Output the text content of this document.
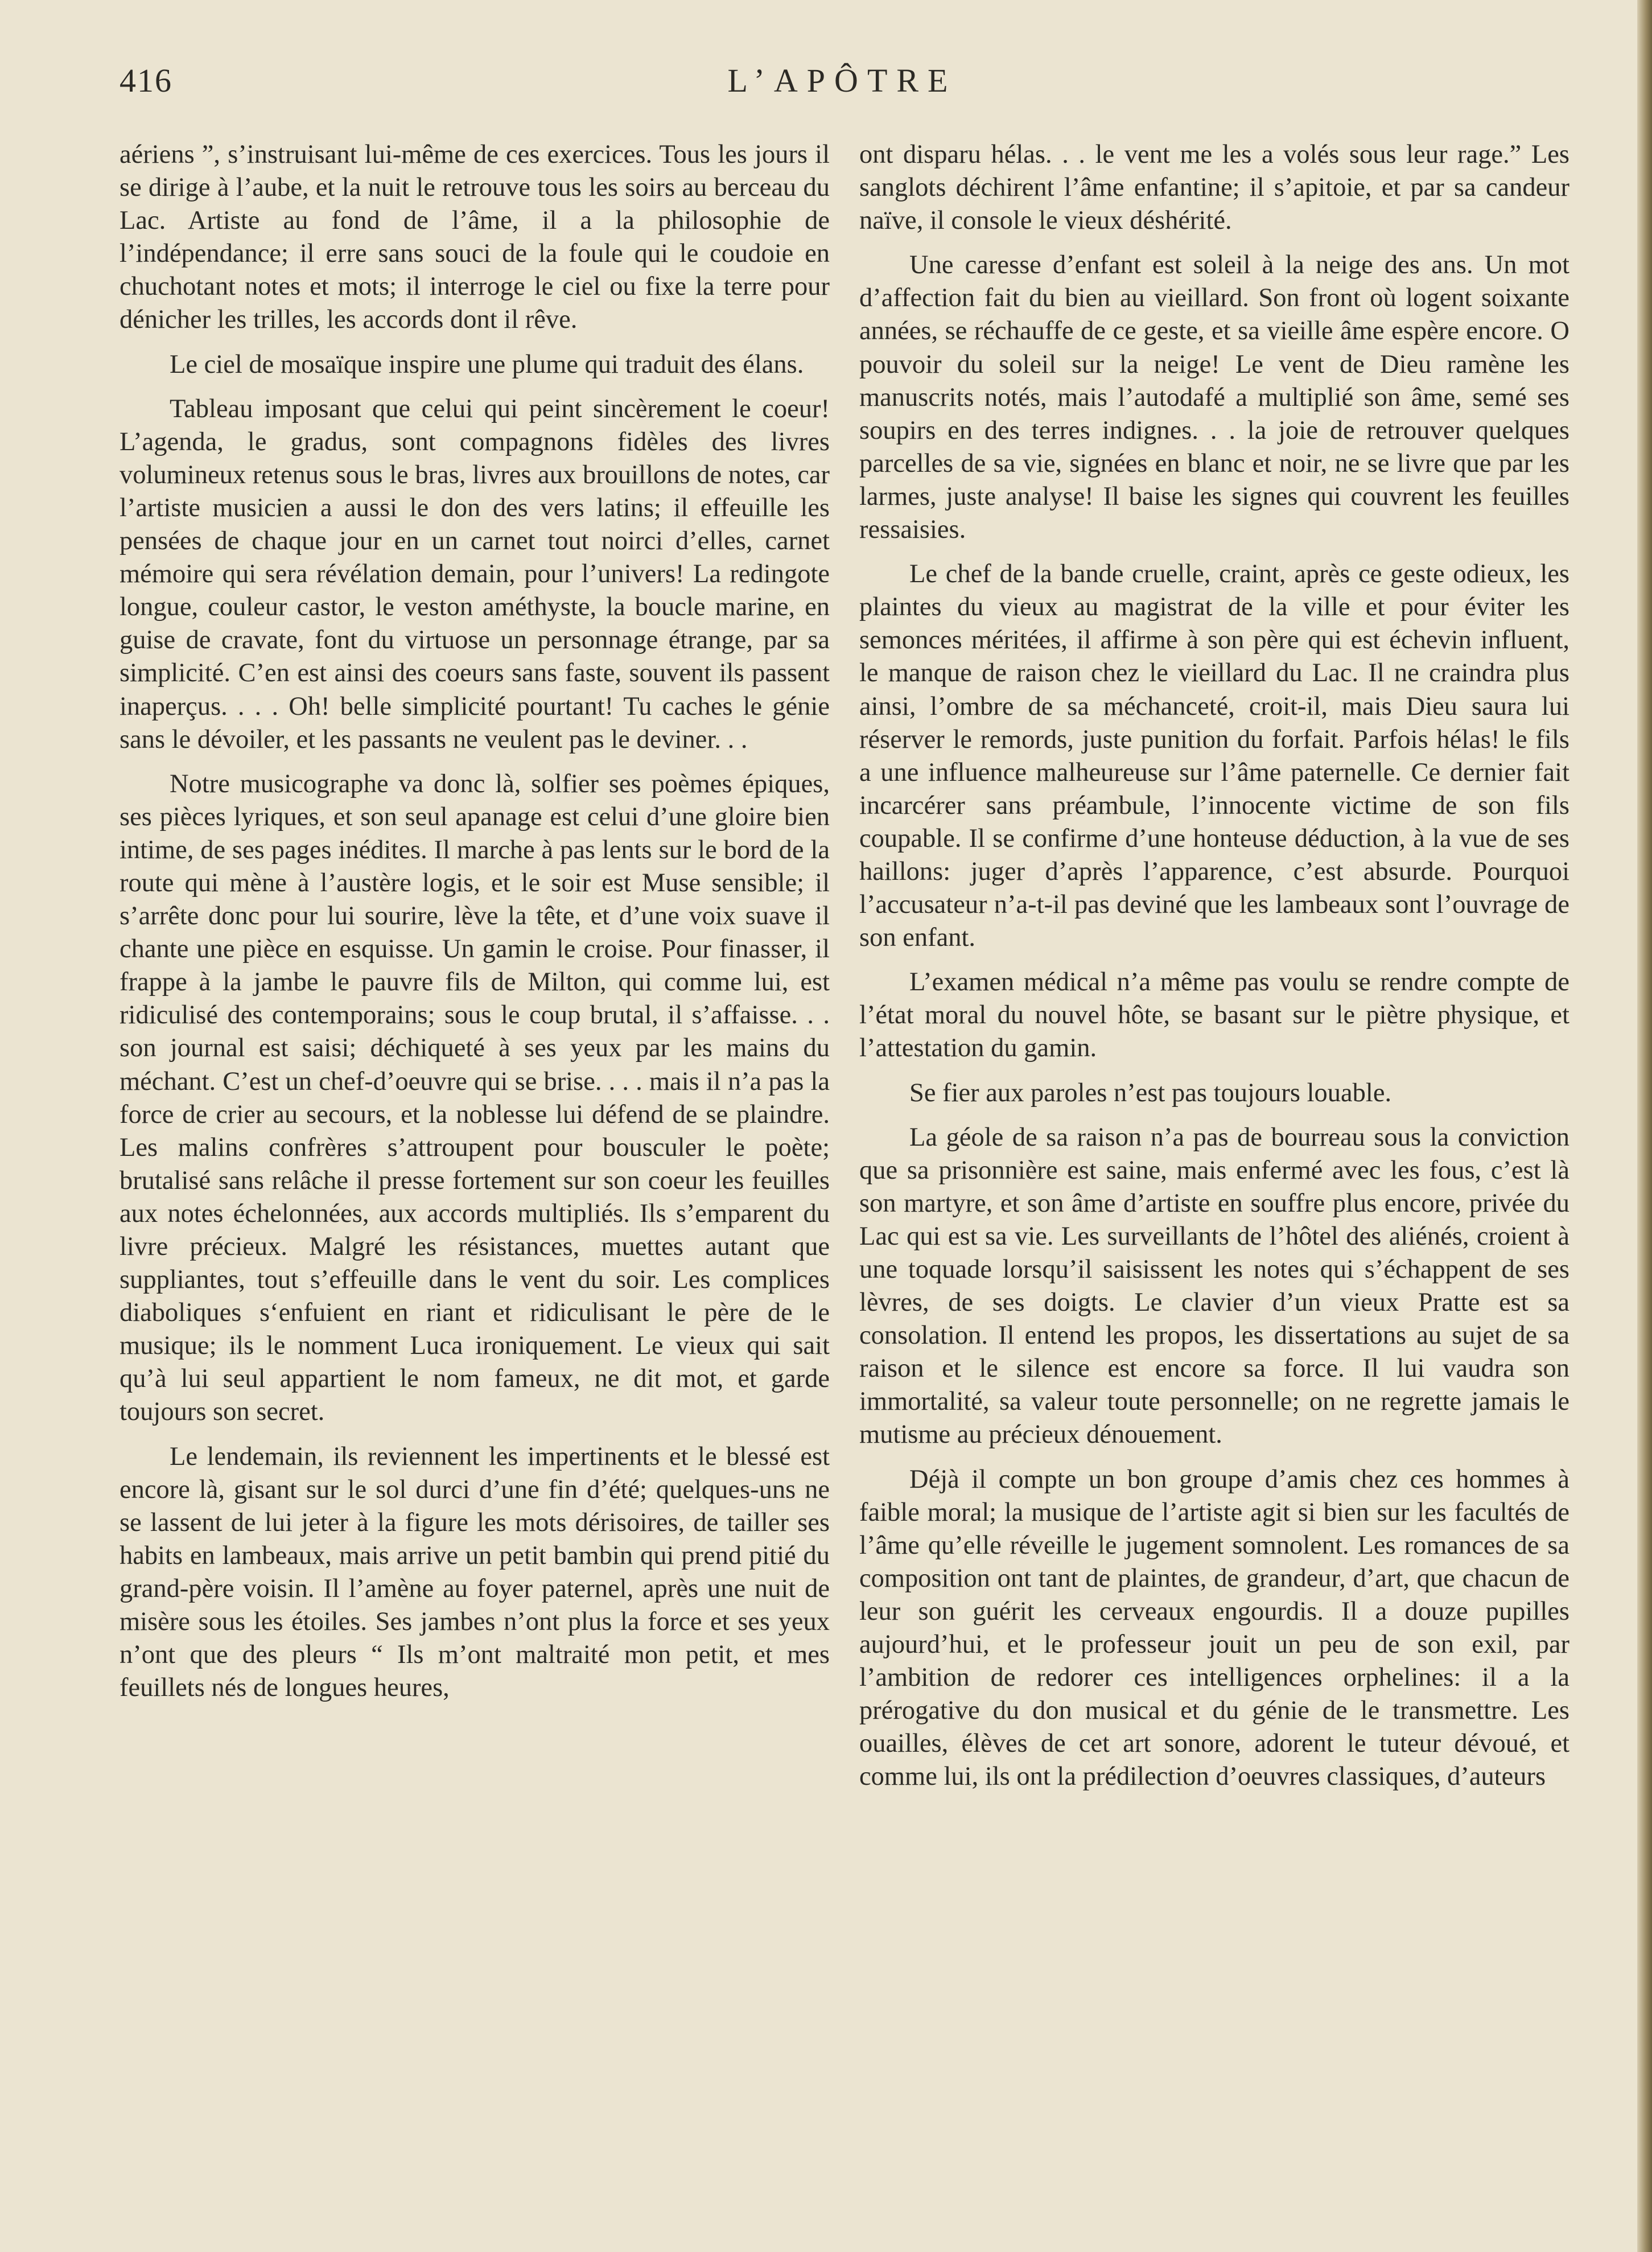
L’APÔTRE
416

aériens ”, s’instruisant lui-même de ces exercices. Tous les jours il se dirige à l’aube, et la nuit le retrouve tous les soirs au berceau du Lac. Artiste au fond de l’âme, il a la philosophie de l’indépendance; il erre sans souci de la foule qui le coudoie en chuchotant notes et mots; il interroge le ciel ou fixe la terre pour dénicher les trilles, les accords dont il rêve.

Le ciel de mosaïque inspire une plume qui traduit des élans.

Tableau imposant que celui qui peint sincèrement le coeur! L’agenda, le gradus, sont compagnons fidèles des livres volumineux retenus sous le bras, livres aux brouillons de notes, car l’artiste musicien a aussi le don des vers latins; il effeuille les pensées de chaque jour en un carnet tout noirci d’elles, carnet mémoire qui sera révélation demain, pour l’univers! La redingote longue, couleur castor, le veston améthyste, la boucle marine, en guise de cravate, font du virtuose un personnage étrange, par sa simplicité. C’en est ainsi des coeurs sans faste, souvent ils passent inaperçus. . . . Oh! belle simplicité pourtant! Tu caches le génie sans le dévoiler, et les passants ne veulent pas le deviner. . .

Notre musicographe va donc là, solfier ses poèmes épiques, ses pièces lyriques, et son seul apanage est celui d’une gloire bien intime, de ses pages inédites. Il marche à pas lents sur le bord de la route qui mène à l’austère logis, et le soir est Muse sensible; il s’arrête donc pour lui sourire, lève la tête, et d’une voix suave il chante une pièce en esquisse. Un gamin le croise. Pour finasser, il frappe à la jambe le pauvre fils de Milton, qui comme lui, est ridiculisé des contemporains; sous le coup brutal, il s’affaisse. . . son journal est saisi; déchiqueté à ses yeux par les mains du méchant. C’est un chef-d’oeuvre qui se brise. . . . mais il n’a pas la force de crier au secours, et la noblesse lui défend de se plaindre. Les malins confrères s’attroupent pour bousculer le poète; brutalisé sans relâche il presse fortement sur son coeur les feuilles aux notes échelonnées, aux accords multipliés. Ils s’emparent du livre précieux. Malgré les résistances, muettes autant que suppliantes, tout s’effeuille dans le vent du soir. Les complices diaboliques s‘enfuient en riant et ridiculisant le père de le musique; ils le nomment Luca ironiquement. Le vieux qui sait qu’à lui seul appartient le nom fameux, ne dit mot, et garde toujours son secret.

Le lendemain, ils reviennent les impertinents et le blessé est encore là, gisant sur le sol durci d’une fin d’été; quelques-uns ne se lassent de lui jeter à la figure les mots dérisoires, de tailler ses habits en lambeaux, mais arrive un petit bambin qui prend pitié du grand-père voisin. Il l’amène au foyer paternel, après une nuit de misère sous les étoiles. Ses jambes n’ont plus la force et ses yeux n’ont que des pleurs “ Ils m’ont maltraité mon petit, et mes feuillets nés de longues heures,

ont disparu hélas. . . le vent me les a volés sous leur rage.” Les sanglots déchirent l’âme enfantine; il s’apitoie, et par sa candeur naïve, il console le vieux déshérité.

Une caresse d’enfant est soleil à la neige des ans. Un mot d’affection fait du bien au vieillard. Son front où logent soixante années, se réchauffe de ce geste, et sa vieille âme espère encore. O pouvoir du soleil sur la neige! Le vent de Dieu ramène les manuscrits notés, mais l’autodafé a multiplié son âme, semé ses soupirs en des terres indignes. . . la joie de retrouver quelques parcelles de sa vie, signées en blanc et noir, ne se livre que par les larmes, juste analyse! Il baise les signes qui couvrent les feuilles ressaisies.

Le chef de la bande cruelle, craint, après ce geste odieux, les plaintes du vieux au magistrat de la ville et pour éviter les semonces méritées, il affirme à son père qui est échevin influent, le manque de raison chez le vieillard du Lac. Il ne craindra plus ainsi, l’ombre de sa méchanceté, croit-il, mais Dieu saura lui réserver le remords, juste punition du forfait. Parfois hélas! le fils a une influence malheureuse sur l’âme paternelle. Ce dernier fait incarcérer sans préambule, l’innocente victime de son fils coupable. Il se confirme d’une honteuse déduction, à la vue de ses haillons: juger d’après l’apparence, c’est absurde. Pourquoi l’accusateur n’a-t-il pas deviné que les lambeaux sont l’ouvrage de son enfant.

L’examen médical n’a même pas voulu se rendre compte de l’état moral du nouvel hôte, se basant sur le piètre physique, et l’attestation du gamin.

Se fier aux paroles n’est pas toujours louable.

La géole de sa raison n’a pas de bourreau sous la conviction que sa prisonnière est saine, mais enfermé avec les fous, c’est là son martyre, et son âme d’artiste en souffre plus encore, privée du Lac qui est sa vie. Les surveillants de l’hôtel des aliénés, croient à une toquade lorsqu’il saisissent les notes qui s’échappent de ses lèvres, de ses doigts. Le clavier d’un vieux Pratte est sa consolation. Il entend les propos, les dissertations au sujet de sa raison et le silence est encore sa force. Il lui vaudra son immortalité, sa valeur toute personnelle; on ne regrette jamais le mutisme au précieux dénouement.

Déjà il compte un bon groupe d’amis chez ces hommes à faible moral; la musique de l’artiste agit si bien sur les facultés de l’âme qu’elle réveille le jugement somnolent. Les romances de sa composition ont tant de plaintes, de grandeur, d’art, que chacun de leur son guérit les cerveaux engourdis. Il a douze pupilles aujourd’hui, et le professeur jouit un peu de son exil, par l’ambition de redorer ces intelligences orphelines: il a la prérogative du don musical et du génie de le transmettre. Les ouailles, élèves de cet art sonore, adorent le tuteur dévoué, et comme lui, ils ont la prédilection d’oeuvres classiques, d’auteurs
